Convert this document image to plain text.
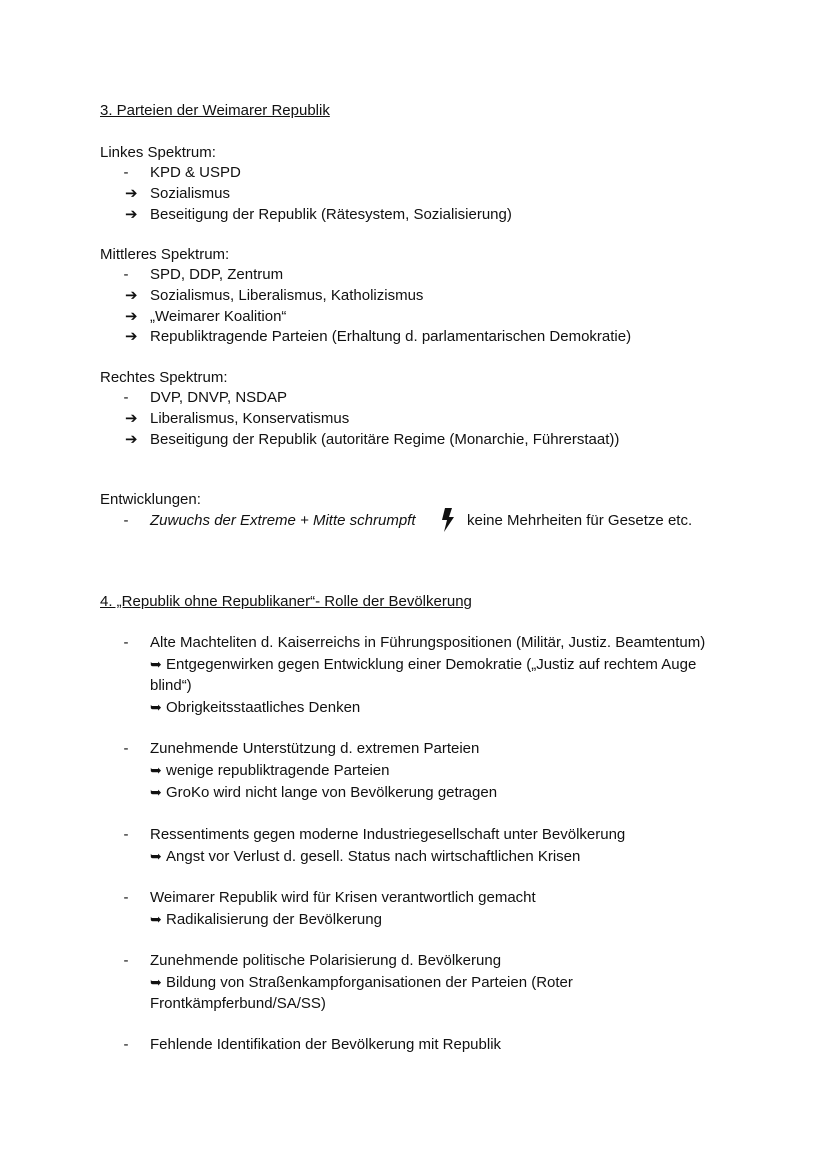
3. Parteien der Weimarer Republik
Linkes Spektrum:
- KPD & USPD
➔ Sozialismus
➔ Beseitigung der Republik (Rätesystem, Sozialisierung)
Mittleres Spektrum:
- SPD, DDP, Zentrum
➔ Sozialismus, Liberalismus, Katholizismus
➔ „Weimarer Koalition“
➔ Republiktragende Parteien (Erhaltung d. parlamentarischen Demokratie)
Rechtes Spektrum:
- DVP, DNVP, NSDAP
➔ Liberalismus, Konservatismus
➔ Beseitigung der Republik (autoritäre Regime (Monarchie, Führerstaat))
Entwicklungen:
- Zuwuchs der Extreme + Mitte schrumpft	keine Mehrheiten für Gesetze etc.
4. „Republik ohne Republikaner“- Rolle der Bevölkerung
- Alte Machteliten d. Kaiserreichs in Führungspositionen (Militär, Justiz. Beamtentum)
➥ Entgegenwirken gegen Entwicklung einer Demokratie („Justiz auf rechtem Auge
blind“)
➥ Obrigkeitsstaatliches Denken
- Zunehmende Unterstützung d. extremen Parteien
➥ wenige republiktragende Parteien
➥ GroKo wird nicht lange von Bevölkerung getragen
- Ressentiments gegen moderne Industriegesellschaft unter Bevölkerung
➥ Angst vor Verlust d. gesell. Status nach wirtschaftlichen Krisen
- Weimarer Republik wird für Krisen verantwortlich gemacht
➥ Radikalisierung der Bevölkerung
- Zunehmende politische Polarisierung d. Bevölkerung
➥ Bildung von Straßenkampforganisationen der Parteien (Roter
Frontkämpferbund/SA/SS)
- Fehlende Identifikation der Bevölkerung mit Republik
